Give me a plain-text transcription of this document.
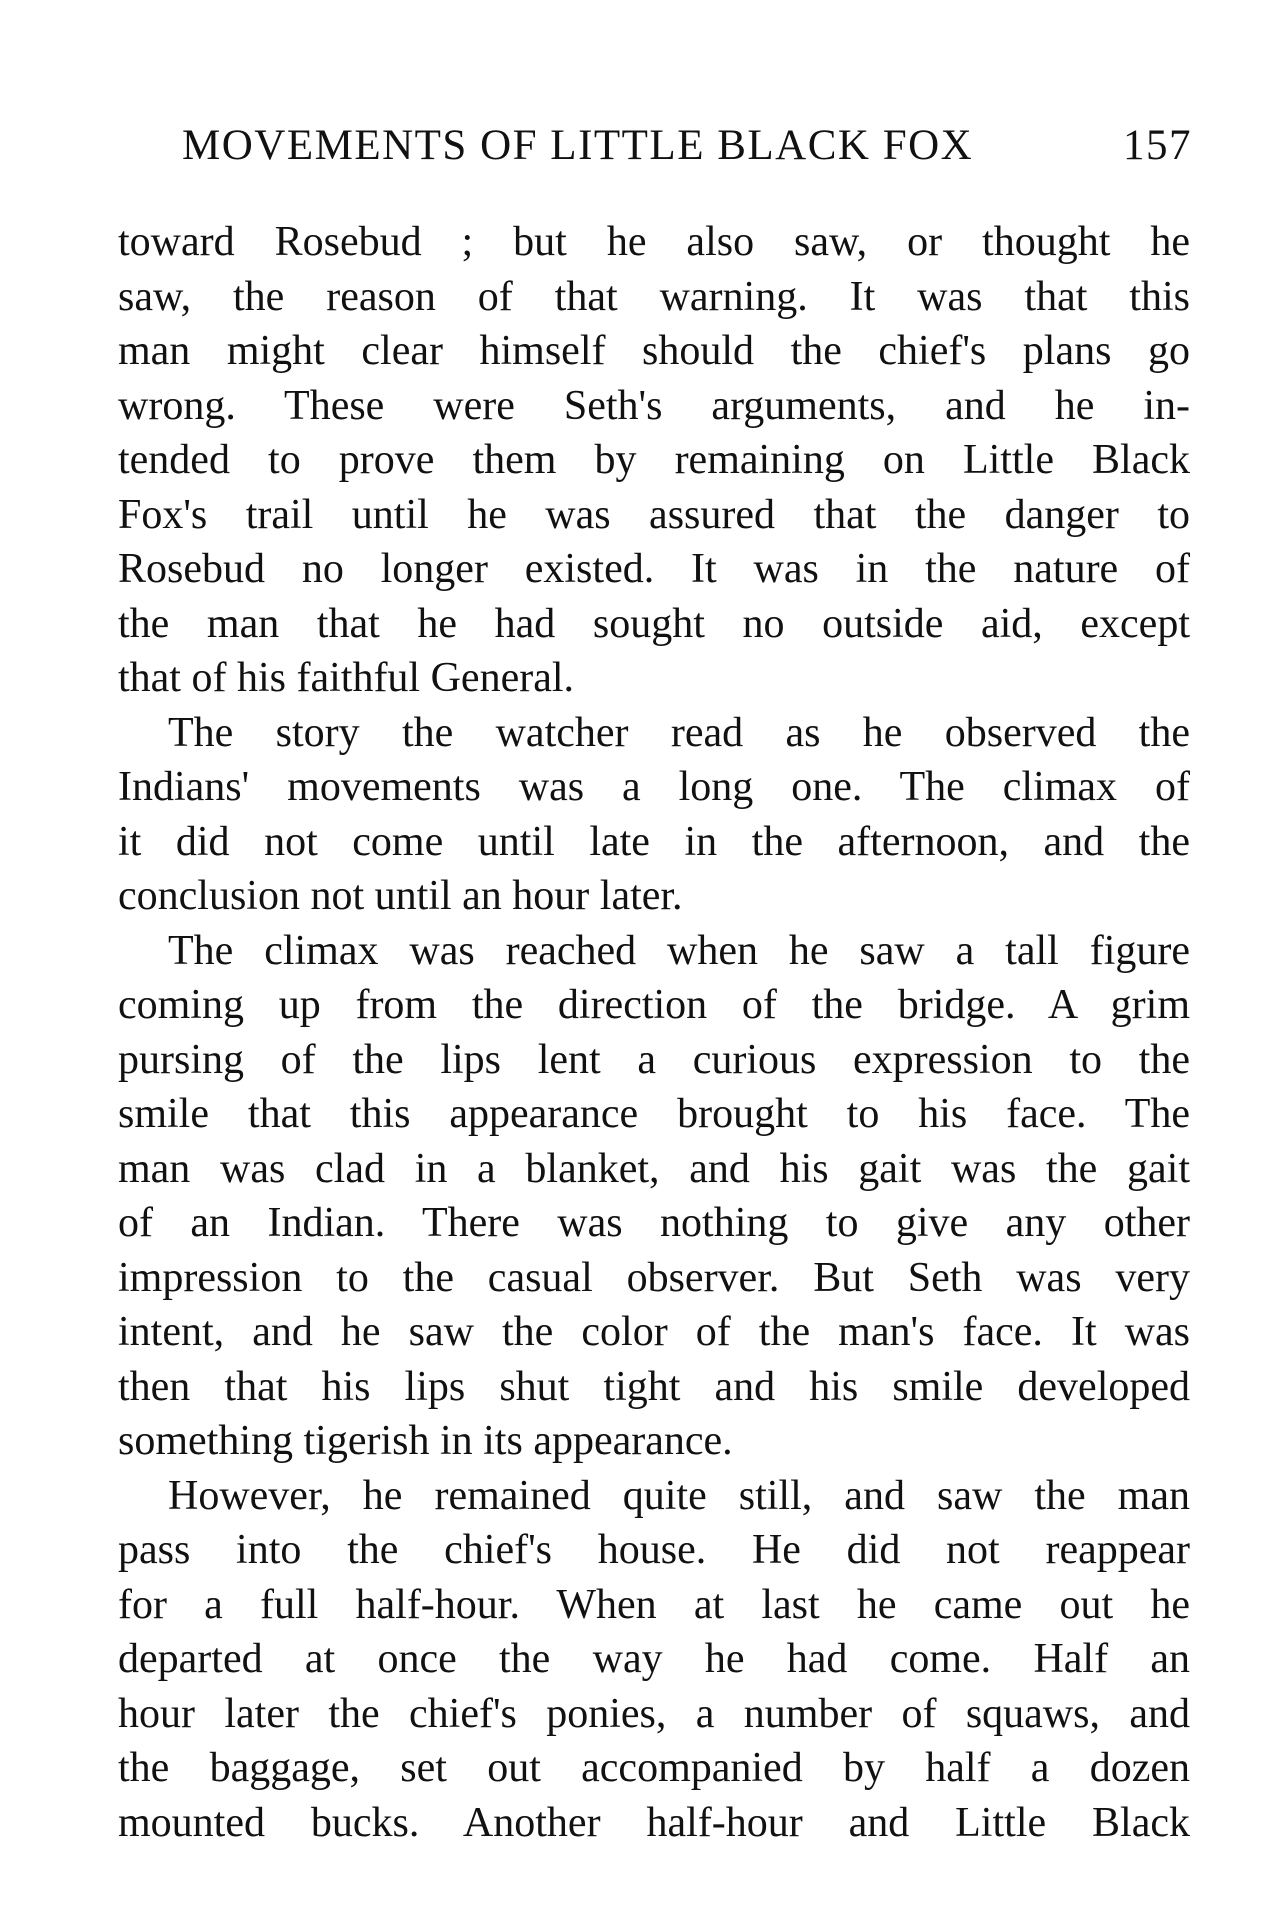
MOVEMENTS OF LITTLE BLACK FOX	157
toward Rosebud ; but he also saw, or thought he
saw, the reason of that warning. It was that this
man might clear himself should the chief's plans go
wrong. These were Seth's arguments, and he in-
tended to prove them by remaining on Little Black
Fox's trail until he was assured that the danger to
Rosebud no longer existed. It was in the nature of
the man that he had sought no outside aid, except
that of his faithful General.
The story the watcher read as he observed the
Indians' movements was a long one. The climax of
it did not come until late in the afternoon, and the
conclusion not until an hour later.
The climax was reached when he saw a tall figure
coming up from the direction of the bridge. A grim
pursing of the lips lent a curious expression to the
smile that this appearance brought to his face. The
man was clad in a blanket, and his gait was the gait
of an Indian. There was nothing to give any other
impression to the casual observer. But Seth was very
intent, and he saw the color of the man's face. It was
then that his lips shut tight and his smile developed
something tigerish in its appearance.
However, he remained quite still, and saw the man
pass into the chief's house. He did not reappear
for a full half-hour. When at last he came out he
departed at once the way he had come. Half an
hour later the chief's ponies, a number of squaws, and
the baggage, set out accompanied by half a dozen
mounted bucks. Another half-hour and Little Black
